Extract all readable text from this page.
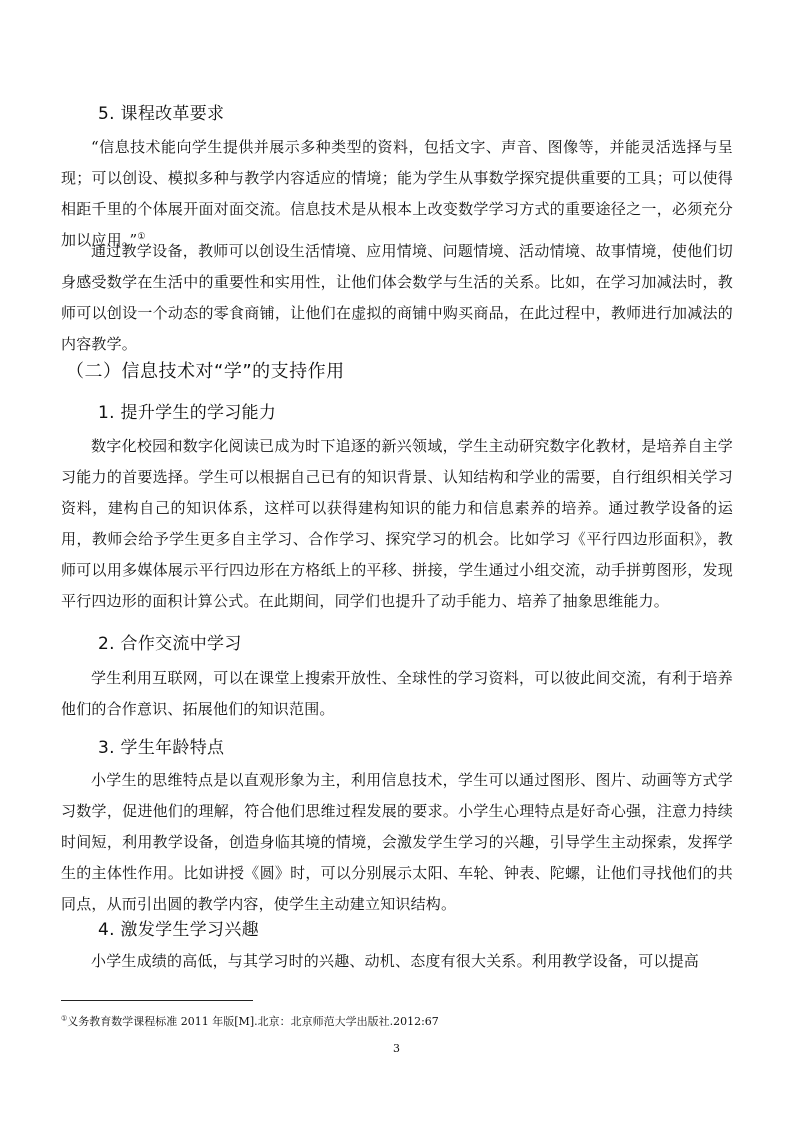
5. 课程改革要求

“信息技术能向学生提供并展示多种类型的资料，包括文字、声音、图像等，并能灵活选择与呈现；可以创设、模拟多种与教学内容适应的情境；能为学生从事数学探究提供重要的工具；可以使得相距千里的个体展开面对面交流。信息技术是从根本上改变数学学习方式的重要途径之一，必须充分加以应用。”①

通过教学设备，教师可以创设生活情境、应用情境、问题情境、活动情境、故事情境，使他们切身感受数学在生活中的重要性和实用性，让他们体会数学与生活的关系。比如，在学习加减法时，教师可以创设一个动态的零食商铺，让他们在虚拟的商铺中购买商品，在此过程中，教师进行加减法的内容教学。

（二）信息技术对“学”的支持作用
1. 提升学生的学习能力

数字化校园和数字化阅读已成为时下追逐的新兴领域，学生主动研究数字化教材，是培养自主学习能力的首要选择。学生可以根据自己已有的知识背景、认知结构和学业的需要，自行组织相关学习资料，建构自己的知识体系，这样可以获得建构知识的能力和信息素养的培养。通过教学设备的运用，教师会给予学生更多自主学习、合作学习、探究学习的机会。比如学习《平行四边形面积》，教师可以用多媒体展示平行四边形在方格纸上的平移、拼接，学生通过小组交流，动手拼剪图形，发现平行四边形的面积计算公式。在此期间，同学们也提升了动手能力、培养了抽象思维能力。

2. 合作交流中学习

学生利用互联网，可以在课堂上搜索开放性、全球性的学习资料，可以彼此间交流，有利于培养他们的合作意识、拓展他们的知识范围。

3. 学生年龄特点

小学生的思维特点是以直观形象为主，利用信息技术，学生可以通过图形、图片、动画等方式学习数学，促进他们的理解，符合他们思维过程发展的要求。小学生心理特点是好奇心强，注意力持续时间短，利用教学设备，创造身临其境的情境，会激发学生学习的兴趣，引导学生主动探索，发挥学生的主体性作用。比如讲授《圆》时，可以分别展示太阳、车轮、钟表、陀螺，让他们寻找他们的共同点，从而引出圆的教学内容，使学生主动建立知识结构。

4. 激发学生学习兴趣

小学生成绩的高低，与其学习时的兴趣、动机、态度有很大关系。利用教学设备，可以提高

①义务教育数学课程标准 2011 年版[M].北京：北京师范大学出版社.2012:67
3
